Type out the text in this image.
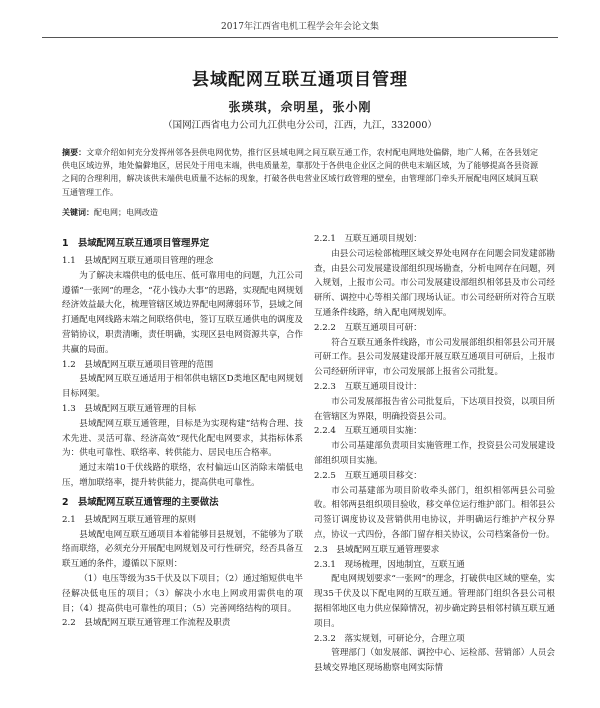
2017年江西省电机工程学会年会论文集
县域配网互联互通项目管理
张瑛琪，佘明星，张小刚
（国网江西省电力公司九江供电分公司，江西，九江，332000）
摘要：文章介绍如何充分发挥州邻各县供电网优势，推行区县域电网之间互联互通工作，农村配电网地处偏僻，地广人稀，在各县划定供电区域边界，地处偏僻地区，居民处于用电末端，供电质量差，靠那处于各供电企业区之间的供电末端区域，为了能够提高各县资源之间的合理利用，解决该供末端供电质量不达标的现象，打破各供电营业区域行政管理的壁垒，由管理部门牵头开展配电网区域间互联互通管理工作。
关键词：配电网；电网改造
1　县域配网互联互通项目管理界定
1.1　县域配网互联互通项目管理的理念

为了解决末端供电的低电压、低可靠用电的问题，九江公司遵循“一张网”的理念，“花小钱办大事”的思路，实现配电网规划经济效益最大化，梳理管辖区域边界配电网薄弱环节，县域之间打通配电网线路末端之间联络供电，签订互联互通供电的调度及营销协议，职责清晰，责任明确，实现区县电网资源共享，合作共赢的局面。

1.2　县域配网互联互通项目管理的范围

县域配网互联互通适用于相邻供电辖区D类地区配电网规划目标网架。

1.3　县域配网互联互通管理的目标

县域配网互联互通管理，目标是为实现构建“结构合理、技术先进、灵活可靠、经济高效”现代化配电网要求，其指标体系为：供电可靠性、联络率、转供能力、居民电压合格率。

通过末端10千伏线路的联络，农村偏远山区消除末端低电压，增加联络率，提升转供能力，提高供电可靠性。

2　县域配网互联互通管理的主要做法
2.1　县域配网互联互通管理的原则

县域配电网互联互通项目本着能够目县规划，不能够为了联络而联络，必须充分开展配电网规划及可行性研究，经否具备互联互通的条件，遵循以下原则：

（1）电压等级为35千伏及以下项目；（2）通过缩短供电半径解决低电压的项目；（3）解决小水电上网或用需供电的项目；（4）提高供电可靠性的项目；（5）完善网络结构的项目。

2.2　县域配网互联互通管理工作流程及职责
2.2.1　互联互通项目规划：

由县公司运检部梳理区域交界处电网存在问题会同发建部勘查，由县公司发展建设部组织现场勘查，分析电网存在问题，列入规划，上报市公司。市公司发展建设部组织相邻县及市公司经研所、调控中心等相关部门现场认证。市公司经研所对符合互联互通条件线路，纳入配电网规划库。

2.2.2　互联互通项目可研：

符合互联互通条件线路，市公司发展部组织相邻县公司开展可研工作。县公司发展建设部开展互联互通项目可研后，上报市公司经研所评审，市公司发展部上报省公司批复。

2.2.3　互联互通项目设计：

市公司发展部报告省公司批复后，下达项目投资，以项目所在管辖区为界限，明确投资县公司。

2.2.4　互联互通项目实施：

市公司基建部负责项目实施管理工作，投资县公司发展建设部组织项目实施。

2.2.5　互联互通项目移交：

市公司基建部为项目阶收牵头部门，组织相邻两县公司验收。相邻两县组织项目验收，移交单位运行维护部门。相邻县公司签订调度协议及营销供用电协议，并明确运行维护产权分界点，协议一式四份，各部门留存相关协议，公司档案备份一份。

2.3　县域配网互联互通管理要求
2.3.1　现场梳理，因地制宜，互联互通

配电网规划要求“一张网”的理念，打破供电区域的壁垒，实现35千伏及以下配电网的互联互通。管理部门组织各县公司根据相邻地区电力供应保障情况，初步确定跨县相邻村镇互联互通项目。

2.3.2　落实规划，可研论分，合理立项

管理部门（如发展部、调控中心、运检部、营销部）人员会县域交界地区现场勘察电网实际情
